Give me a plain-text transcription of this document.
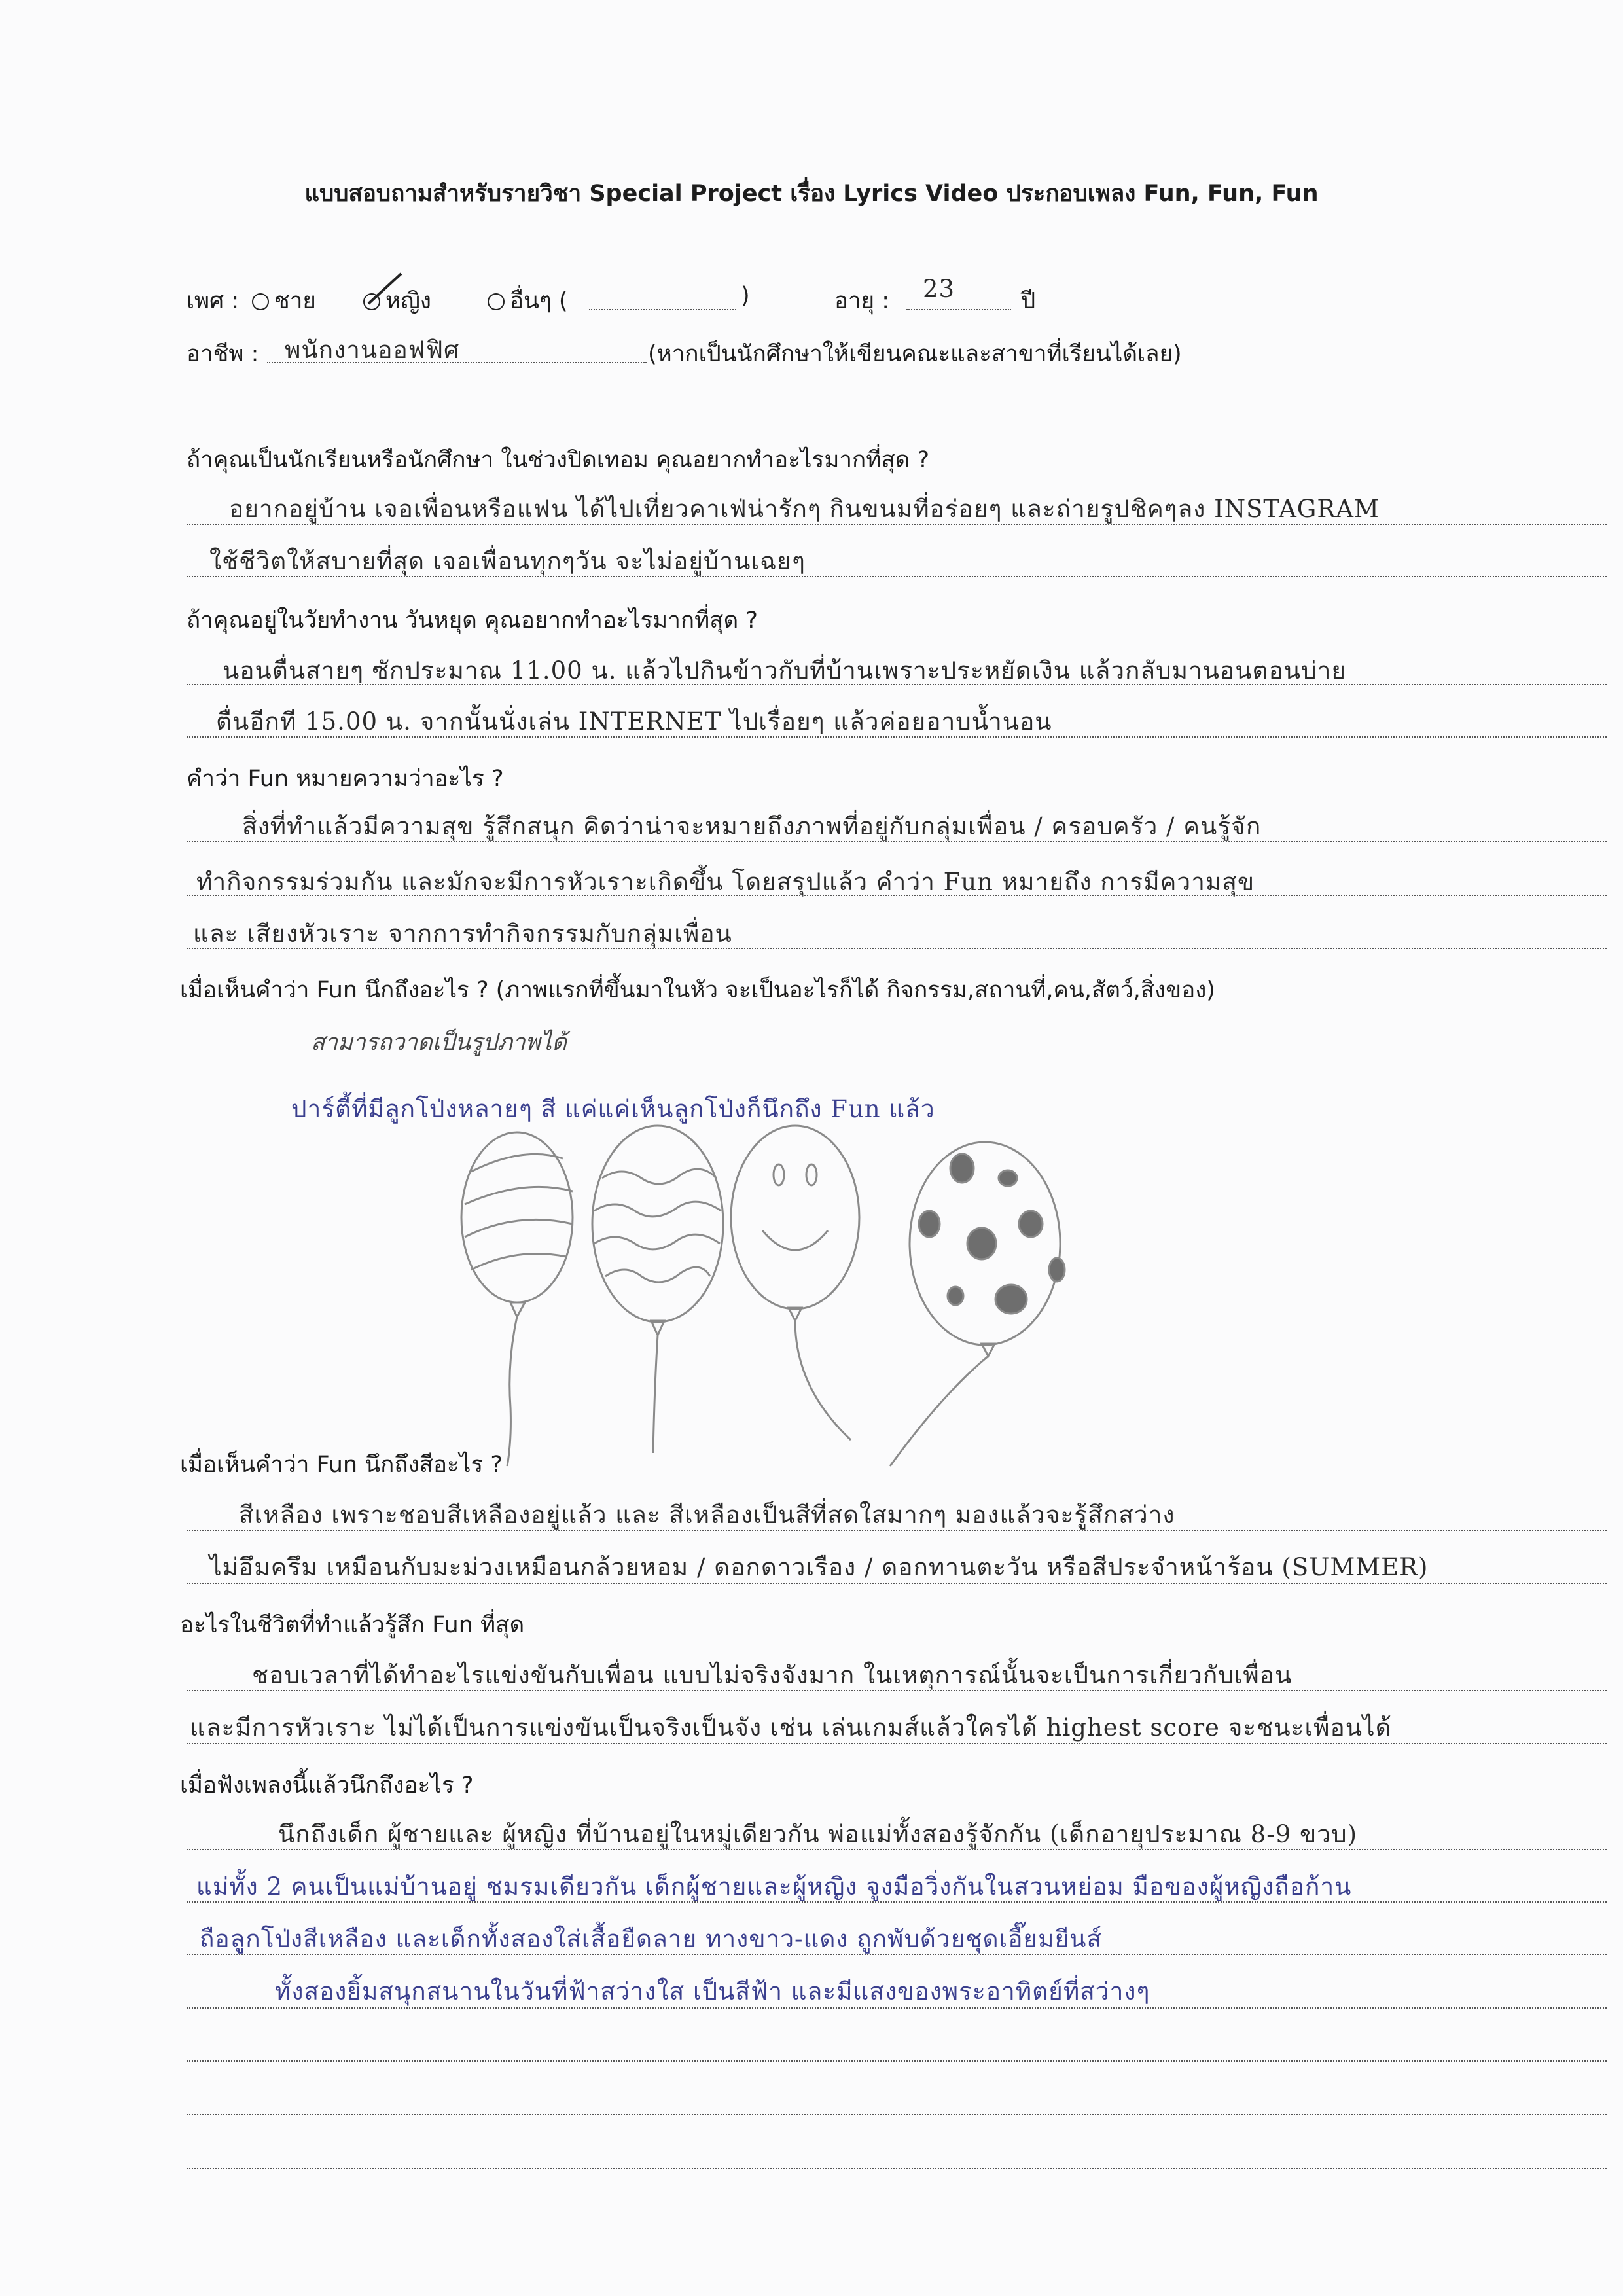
แบบสอบถามสำหรับรายวิชา Special Project เรื่อง Lyrics Video ประกอบเพลง Fun, Fun, Fun
เพศ :	ชาย	หญิง	อื่นๆ (	)	อายุ : 23	ปี
อาชีพ : พนักงานออฟฟิศ	(หากเป็นนักศึกษาให้เขียนคณะและสาขาที่เรียนได้เลย)
ถ้าคุณเป็นนักเรียนหรือนักศึกษา ในช่วงปิดเทอม คุณอยากทำอะไรมากที่สุด ?
อยากอยู่บ้าน เจอเพื่อนหรือแฟน ได้ไปเที่ยวคาเฟ่น่ารักๆ กินขนมที่อร่อยๆ และถ่ายรูปชิคๆลง INSTAGRAM
ใช้ชีวิตให้สบายที่สุด เจอเพื่อนทุกๆวัน จะไม่อยู่บ้านเฉยๆ
ถ้าคุณอยู่ในวัยทำงาน วันหยุด คุณอยากทำอะไรมากที่สุด ?
นอนตื่นสายๆ ซักประมาณ 11.00 น. แล้วไปกินข้าวกับที่บ้านเพราะประหยัดเงิน แล้วกลับมานอนตอนบ่าย
ตื่นอีกที 15.00 น. จากนั้นนั่งเล่น INTERNET ไปเรื่อยๆ แล้วค่อยอาบน้ำนอน
คำว่า Fun หมายความว่าอะไร ?
สิ่งที่ทำแล้วมีความสุข รู้สึกสนุก คิดว่าน่าจะหมายถึงภาพที่อยู่กับกลุ่มเพื่อน / ครอบครัว / คนรู้จัก
ทำกิจกรรมร่วมกัน และมักจะมีการหัวเราะเกิดขึ้น โดยสรุปแล้ว คำว่า Fun หมายถึง การมีความสุข
และ เสียงหัวเราะ จากการทำกิจกรรมกับกลุ่มเพื่อน
เมื่อเห็นคำว่า Fun นึกถึงอะไร ? (ภาพแรกที่ขึ้นมาในหัว จะเป็นอะไรก็ได้ กิจกรรม,สถานที่,คน,สัตว์,สิ่งของ)
สามารถวาดเป็นรูปภาพได้
ปาร์ตี้ที่มีลูกโป่งหลายๆ สี แค่แค่เห็นลูกโป่งก็นึกถึง Fun แล้ว
เมื่อเห็นคำว่า Fun นึกถึงสีอะไร ?
สีเหลือง เพราะชอบสีเหลืองอยู่แล้ว และ สีเหลืองเป็นสีที่สดใสมากๆ มองแล้วจะรู้สึกสว่าง
ไม่อึมครึม เหมือนกับมะม่วงเหมือนกล้วยหอม / ดอกดาวเรือง / ดอกทานตะวัน หรือสีประจำหน้าร้อน (SUMMER)
อะไรในชีวิตที่ทำแล้วรู้สึก Fun ที่สุด
ชอบเวลาที่ได้ทำอะไรแข่งขันกับเพื่อน แบบไม่จริงจังมาก ในเหตุการณ์นั้นจะเป็นการเกี่ยวกับเพื่อน
และมีการหัวเราะ ไม่ได้เป็นการแข่งขันเป็นจริงเป็นจัง เช่น เล่นเกมส์แล้วใครได้ highest score จะชนะเพื่อนได้
เมื่อฟังเพลงนี้แล้วนึกถึงอะไร ?
นึกถึงเด็ก ผู้ชายและ ผู้หญิง ที่บ้านอยู่ในหมู่เดียวกัน พ่อแม่ทั้งสองรู้จักกัน (เด็กอายุประมาณ 8-9 ขวบ)
แม่ทั้ง 2 คนเป็นแม่บ้านอยู่ ชมรมเดียวกัน เด็กผู้ชายและผู้หญิง จูงมือวิ่งกันในสวนหย่อม มือของผู้หญิงถือก้าน
ถือลูกโป่งสีเหลือง และเด็กทั้งสองใส่เสื้อยืดลาย ทางขาว-แดง ถูกพับด้วยชุดเอี๊ยมยีนส์
ทั้งสองยิ้มสนุกสนานในวันที่ฟ้าสว่างใส เป็นสีฟ้า และมีแสงของพระอาทิตย์ที่สว่างๆ
